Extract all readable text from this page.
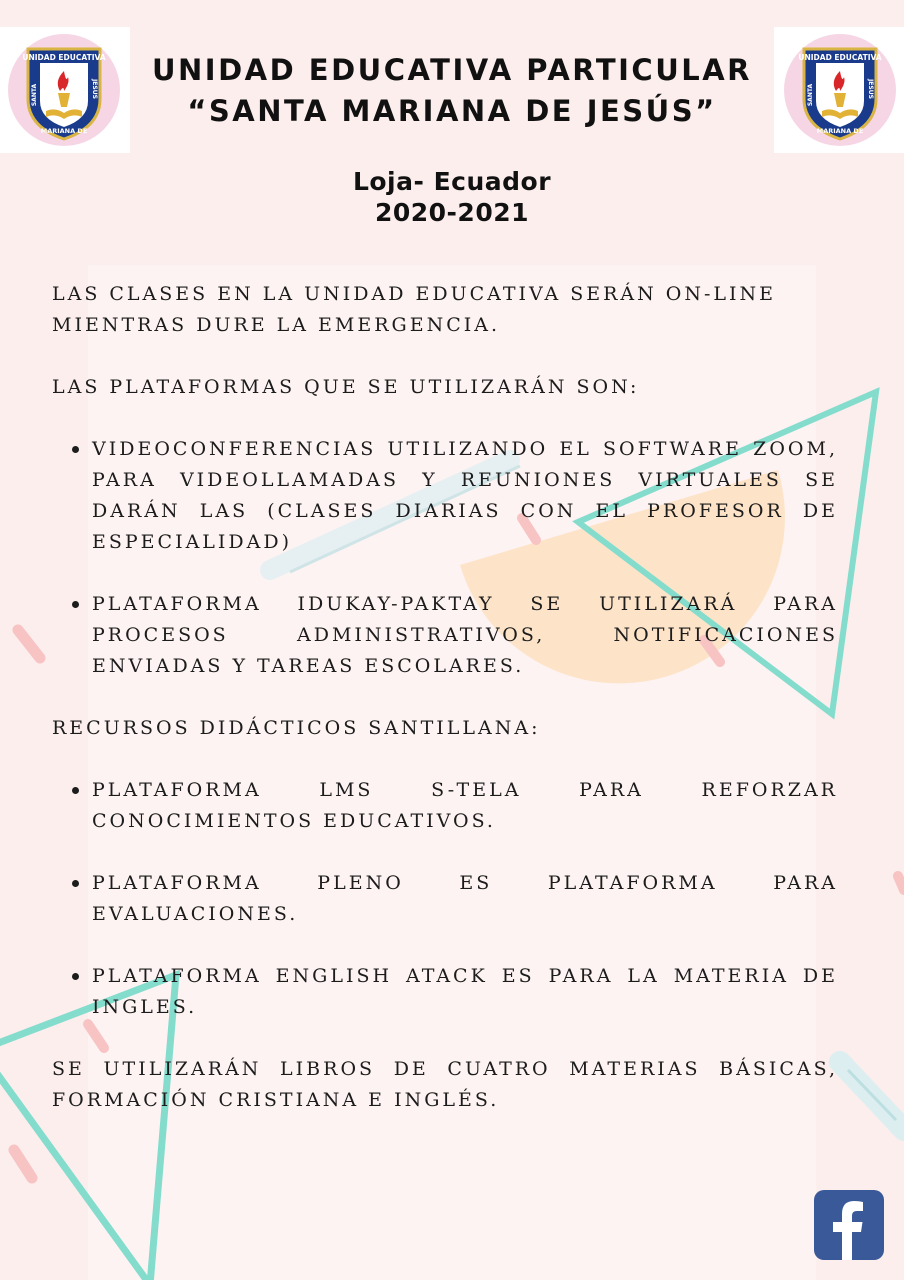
UNIDAD EDUCATIVA
SANTA	JESUS
MARIANA DE
UNIDAD EDUCATIVA
SANTA	JESUS
MARIANA DE
UNIDAD EDUCATIVA PARTICULAR
“SANTA MARIANA DE JESÚS”
Loja- Ecuador
2020-2021

LAS CLASES EN LA UNIDAD EDUCATIVA SERÁN ON-LINE MIENTRAS DURE LA EMERGENCIA.

LAS PLATAFORMAS QUE SE UTILIZARÁN SON:

VIDEOCONFERENCIAS UTILIZANDO EL SOFTWARE ZOOM, PARA VIDEOLLAMADAS Y REUNIONES VIRTUALES SE DARÁN LAS (CLASES DIARIAS CON EL PROFESOR DE ESPECIALIDAD)
PLATAFORMA IDUKAY-PAKTAY SE UTILIZARÁ PARA PROCESOS ADMINISTRATIVOS, NOTIFICACIONES ENVIADAS Y TAREAS ESCOLARES.

RECURSOS DIDÁCTICOS SANTILLANA:

PLATAFORMA LMS S-TELA PARA REFORZAR CONOCIMIENTOS EDUCATIVOS.
PLATAFORMA PLENO ES PLATAFORMA PARA EVALUACIONES.
PLATAFORMA ENGLISH ATACK ES PARA LA MATERIA DE INGLES.

SE UTILIZARÁN LIBROS DE CUATRO MATERIAS BÁSICAS, FORMACIÓN CRISTIANA E INGLÉS.
